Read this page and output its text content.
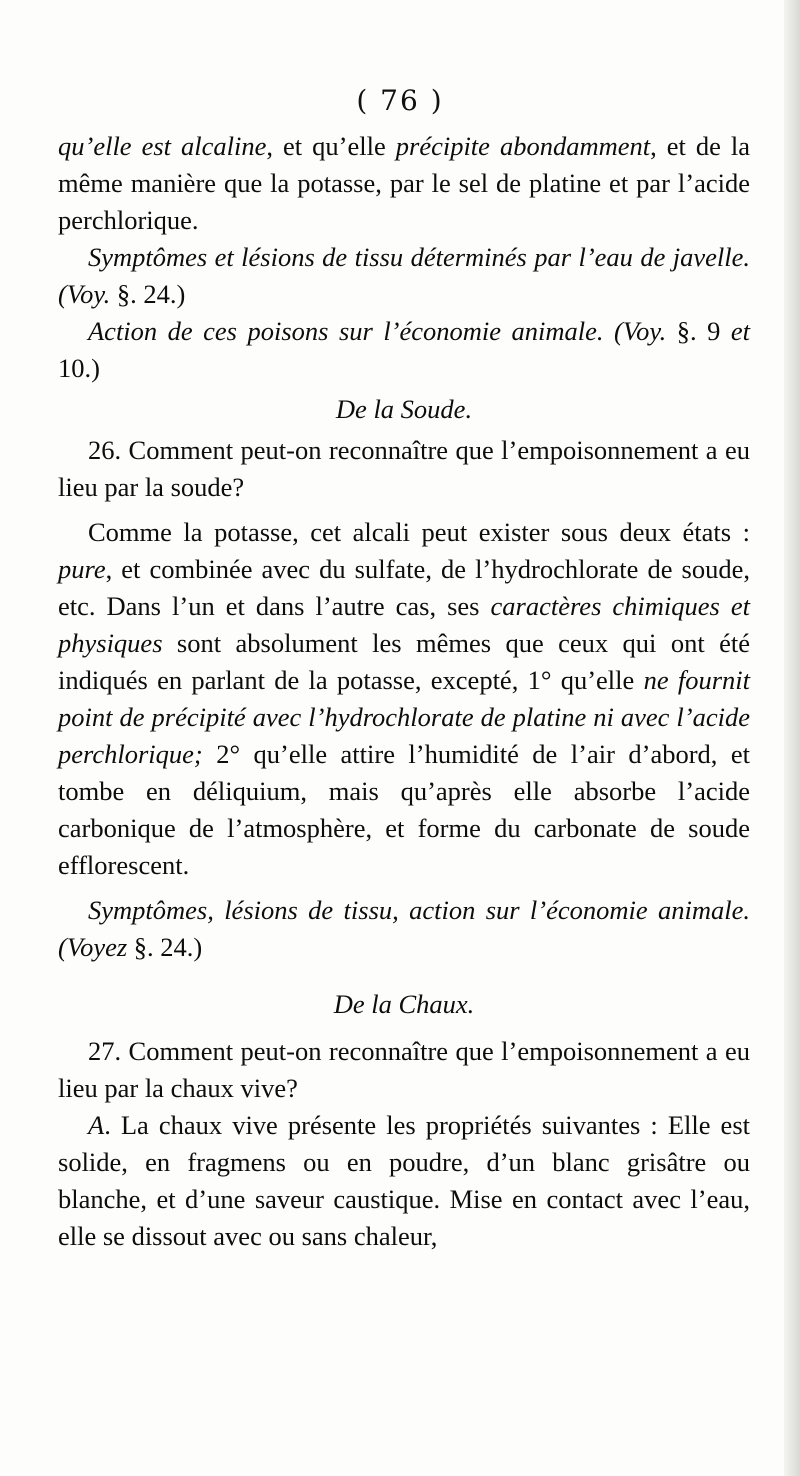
( 76 )

qu’elle est alcaline, et qu’elle précipite abondamment, et de la même manière que la potasse, par le sel de platine et par l’acide perchlorique.

Symptômes et lésions de tissu déterminés par l’eau de javelle. (Voy. §. 24.)

Action de ces poisons sur l’économie animale. (Voy. §. 9 et 10.)

De la Soude.

26. Comment peut-on reconnaître que l’empoisonnement a eu lieu par la soude?

Comme la potasse, cet alcali peut exister sous deux états : pure, et combinée avec du sulfate, de l’hydrochlorate de soude, etc. Dans l’un et dans l’autre cas, ses caractères chimiques et physiques sont absolument les mêmes que ceux qui ont été indiqués en parlant de la potasse, excepté, 1° qu’elle ne fournit point de précipité avec l’hydrochlorate de platine ni avec l’acide perchlorique; 2° qu’elle attire l’humidité de l’air d’abord, et tombe en déliquium, mais qu’après elle absorbe l’acide carbonique de l’atmosphère, et forme du carbonate de soude efflorescent.

Symptômes, lésions de tissu, action sur l’économie animale. (Voyez §. 24.)

De la Chaux.

27. Comment peut-on reconnaître que l’empoisonnement a eu lieu par la chaux vive?

A. La chaux vive présente les propriétés suivantes : Elle est solide, en fragmens ou en poudre, d’un blanc grisâtre ou blanche, et d’une saveur caustique. Mise en contact avec l’eau, elle se dissout avec ou sans chaleur,
